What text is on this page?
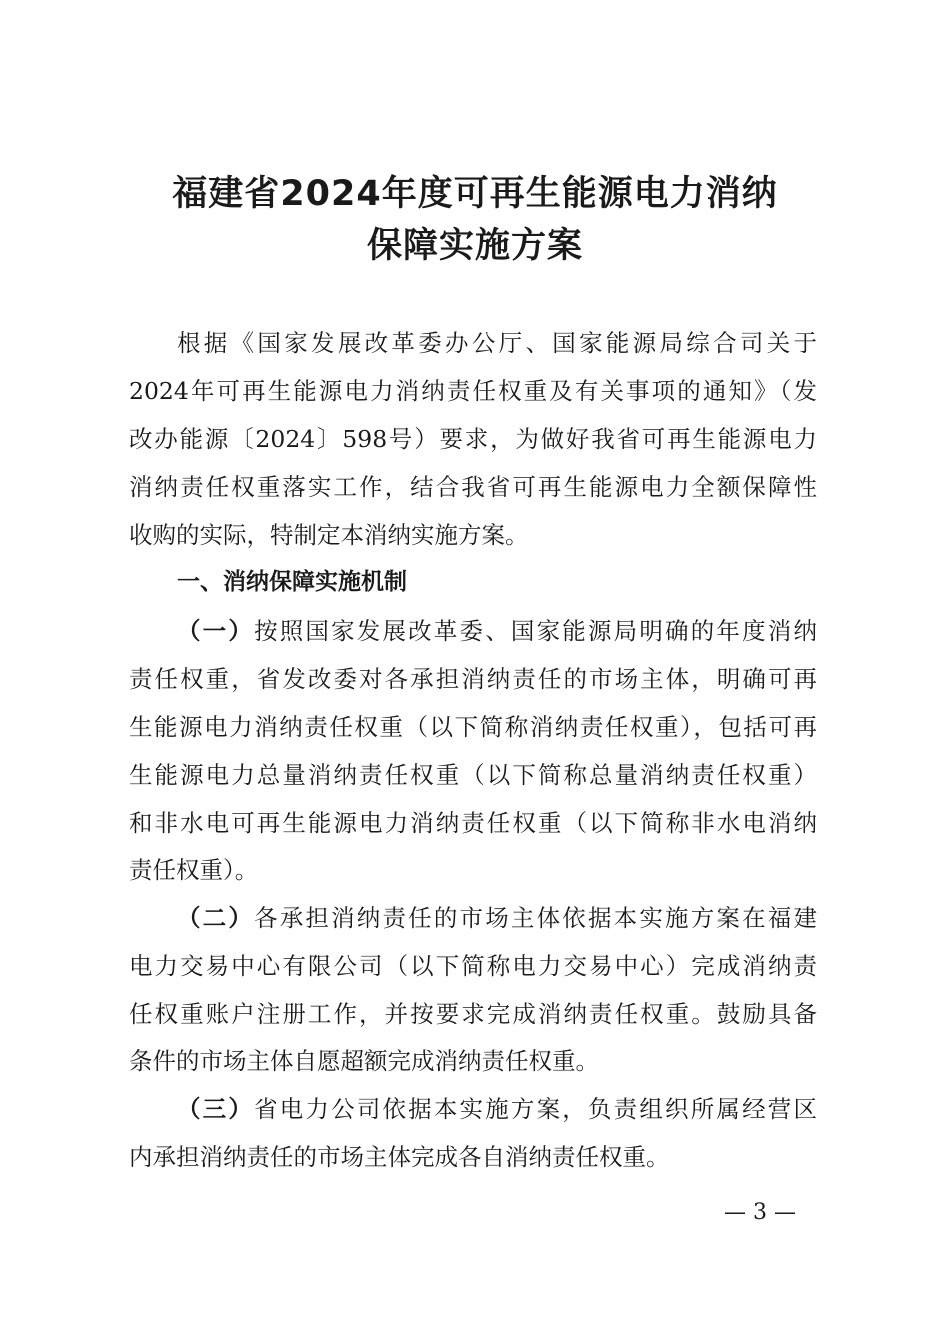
福建省2024年度可再生能源电力消纳
保障实施方案
根据《国家发展改革委办公厅、国家能源局综合司关于
2024年可再生能源电力消纳责任权重及有关事项的通知》（发
改办能源〔2024〕598号）要求，为做好我省可再生能源电力
消纳责任权重落实工作，结合我省可再生能源电力全额保障性
收购的实际，特制定本消纳实施方案。
一、消纳保障实施机制
（一）按照国家发展改革委、国家能源局明确的年度消纳
责任权重，省发改委对各承担消纳责任的市场主体，明确可再
生能源电力消纳责任权重（以下简称消纳责任权重），包括可再
生能源电力总量消纳责任权重（以下简称总量消纳责任权重）
和非水电可再生能源电力消纳责任权重（以下简称非水电消纳
责任权重）。
（二）各承担消纳责任的市场主体依据本实施方案在福建
电力交易中心有限公司（以下简称电力交易中心）完成消纳责
任权重账户注册工作，并按要求完成消纳责任权重。鼓励具备
条件的市场主体自愿超额完成消纳责任权重。
（三）省电力公司依据本实施方案，负责组织所属经营区
内承担消纳责任的市场主体完成各自消纳责任权重。
— 3 —
